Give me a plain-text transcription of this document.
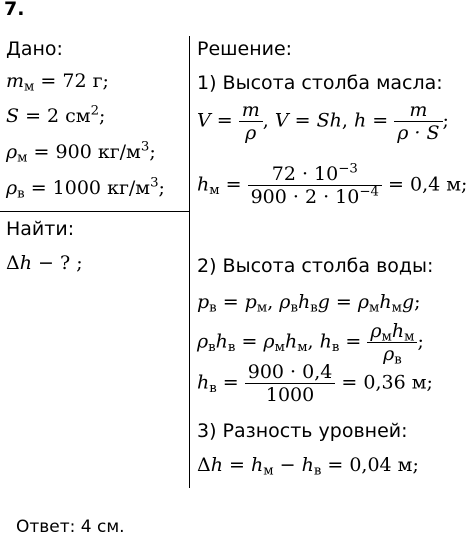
7.
Дано:
$m_м = 72$ г;
S = 2 $см^2$;
$\rho_м = 900$ $кг/м^3$;
$\rho_в = 1000$ $кг/м^3$;
Найти:
Δh − ? ;
Решение:
1) Высота столба масла:
$V = \frac{m}{\rho}$ , V = Sh, $h = \frac{m}{\rho \cdot S}$ ;
$h_м = \frac{72 \cdot 10^{-3}}{900 \cdot 2 \cdot 10^{-4}} = 0,4$ м;
2) Высота столба воды:
$p_в = p_м$, $\rho_вh_вg = \rho_мh_мg$;
$\rho_вh_в = \rho_мh_м$, $h_в = \frac{\rho_мh_м}{\rho_в}$ ;
$h_в = \frac{900 \cdot 0,4}{1000} = 0,36$ м;
3) Разность уровней:
$\Delta h = h_м - h_в = 0,04$ м;
Ответ: 4 см.
